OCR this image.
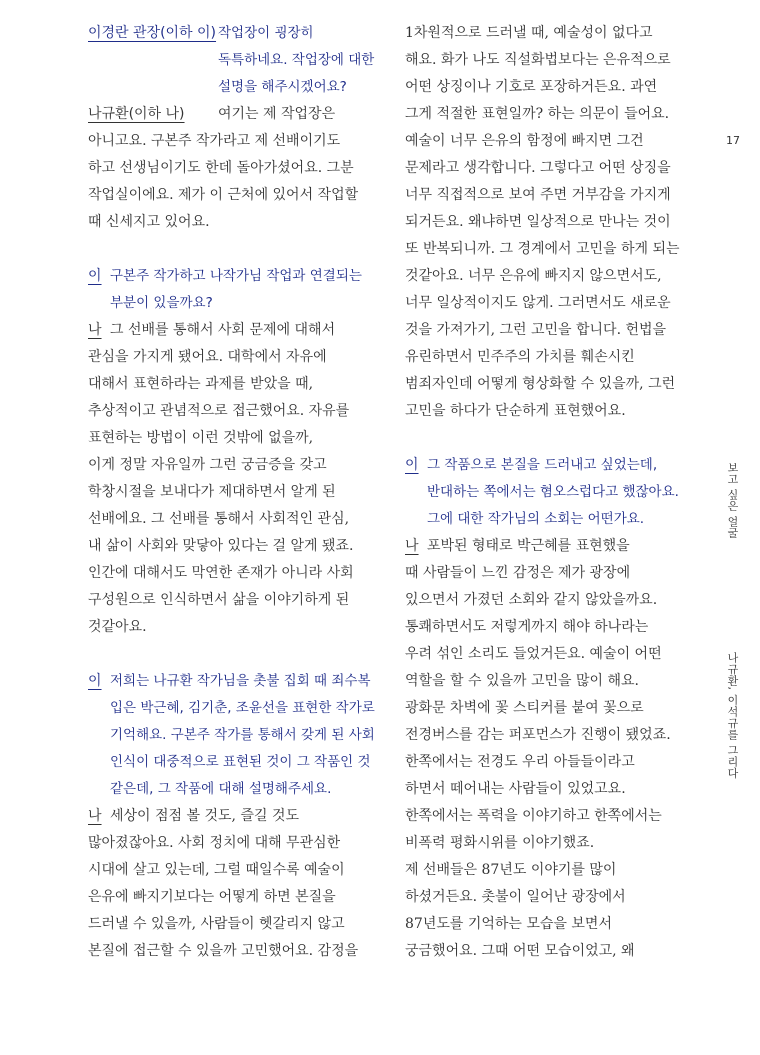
17
보고 싶은 얼굴
나규환, 이석규를 그리다
이경란 관장(이하 이) 작업장이 굉장히
독특하네요. 작업장에 대한
설명을 해주시겠어요?
나규환(이하 나) 여기는 제 작업장은
아니고요. 구본주 작가라고 제 선배이기도
하고 선생님이기도 한데 돌아가셨어요. 그분
작업실이에요. 제가 이 근처에 있어서 작업할
때 신세지고 있어요.
이 구본주 작가하고 나작가님 작업과 연결되는
부분이 있을까요?
나 그 선배를 통해서 사회 문제에 대해서
관심을 가지게 됐어요. 대학에서 자유에
대해서 표현하라는 과제를 받았을 때,
추상적이고 관념적으로 접근했어요. 자유를
표현하는 방법이 이런 것밖에 없을까,
이게 정말 자유일까 그런 궁금증을 갖고
학창시절을 보내다가 제대하면서 알게 된
선배에요. 그 선배를 통해서 사회적인 관심,
내 삶이 사회와 맞닿아 있다는 걸 알게 됐죠.
인간에 대해서도 막연한 존재가 아니라 사회
구성원으로 인식하면서 삶을 이야기하게 된
것같아요.
이 저희는 나규환 작가님을 촛불 집회 때 죄수복
입은 박근혜, 김기춘, 조윤선을 표현한 작가로
기억해요. 구본주 작가를 통해서 갖게 된 사회
인식이 대중적으로 표현된 것이 그 작품인 것
같은데, 그 작품에 대해 설명해주세요.
나 세상이 점점 볼 것도, 즐길 것도
많아졌잖아요. 사회 정치에 대해 무관심한
시대에 살고 있는데, 그럴 때일수록 예술이
은유에 빠지기보다는 어떻게 하면 본질을
드러낼 수 있을까, 사람들이 헷갈리지 않고
본질에 접근할 수 있을까 고민했어요. 감정을
1차원적으로 드러낼 때, 예술성이 없다고
해요. 화가 나도 직설화법보다는 은유적으로
어떤 상징이나 기호로 포장하거든요. 과연
그게 적절한 표현일까? 하는 의문이 들어요.
예술이 너무 은유의 함정에 빠지면 그건
문제라고 생각합니다. 그렇다고 어떤 상징을
너무 직접적으로 보여 주면 거부감을 가지게
되거든요. 왜냐하면 일상적으로 만나는 것이
또 반복되니까. 그 경계에서 고민을 하게 되는
것같아요. 너무 은유에 빠지지 않으면서도,
너무 일상적이지도 않게. 그러면서도 새로운
것을 가져가기, 그런 고민을 합니다. 헌법을
유린하면서 민주주의 가치를 훼손시킨
범죄자인데 어떻게 형상화할 수 있을까, 그런
고민을 하다가 단순하게 표현했어요.
이 그 작품으로 본질을 드러내고 싶었는데,
반대하는 쪽에서는 혐오스럽다고 했잖아요.
그에 대한 작가님의 소회는 어떤가요.
나 포박된 형태로 박근혜를 표현했을
때 사람들이 느낀 감정은 제가 광장에
있으면서 가졌던 소회와 같지 않았을까요.
통쾌하면서도 저렇게까지 해야 하나라는
우려 섞인 소리도 들었거든요. 예술이 어떤
역할을 할 수 있을까 고민을 많이 해요.
광화문 차벽에 꽃 스티커를 붙여 꽃으로
전경버스를 감는 퍼포먼스가 진행이 됐었죠.
한쪽에서는 전경도 우리 아들들이라고
하면서 떼어내는 사람들이 있었고요.
한쪽에서는 폭력을 이야기하고 한쪽에서는
비폭력 평화시위를 이야기했죠.
제 선배들은 87년도 이야기를 많이
하셨거든요. 촛불이 일어난 광장에서
87년도를 기억하는 모습을 보면서
궁금했어요. 그때 어떤 모습이었고, 왜
